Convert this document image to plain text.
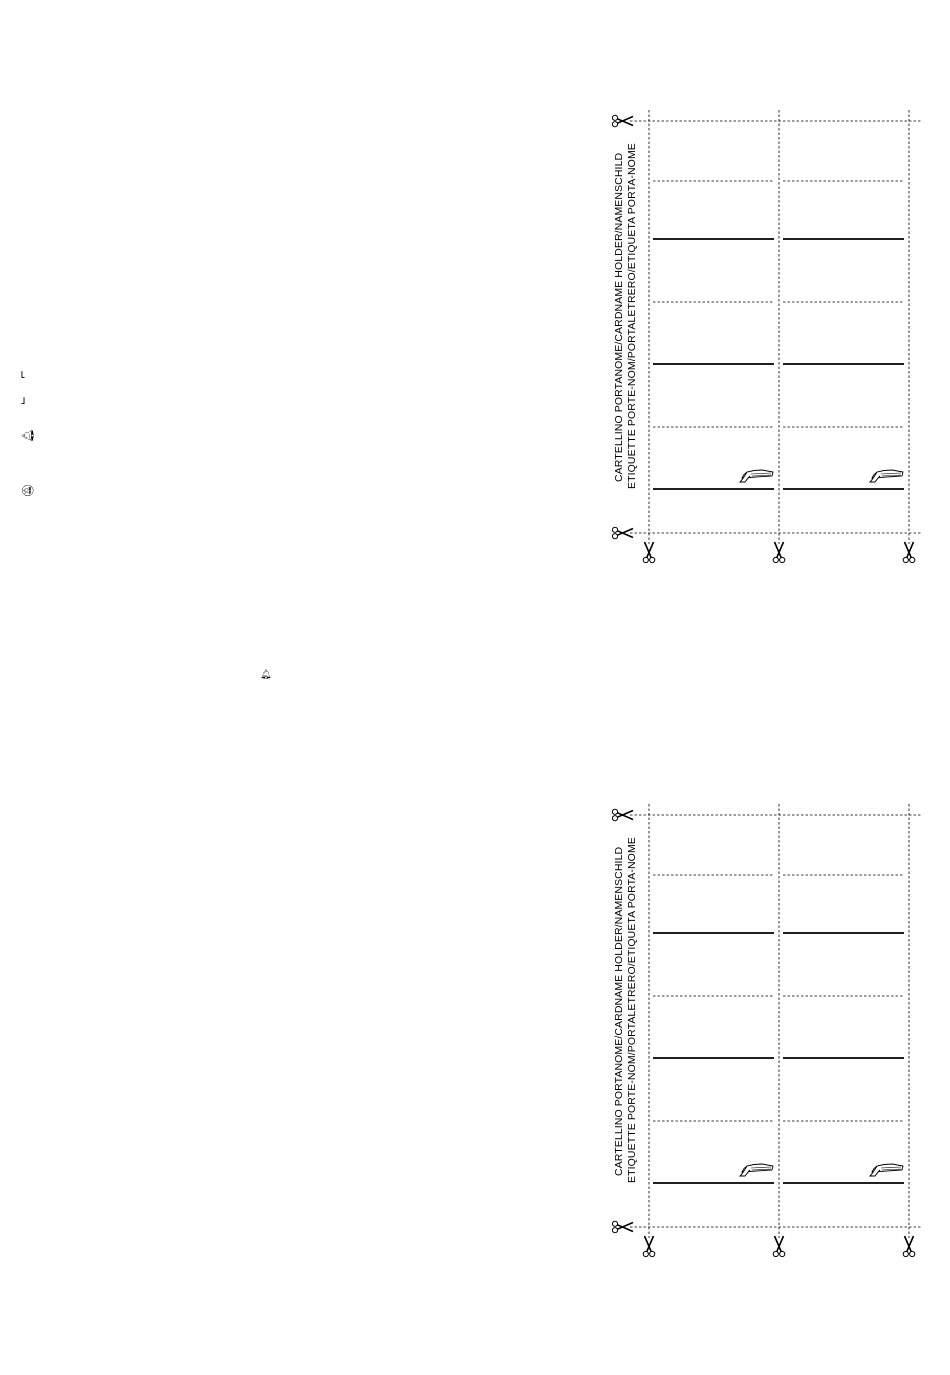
CARTELLINO PORTANOME/CARDNAME HOLDER/NAMENSCHILD ETIQUETTE PORTE-NOM/PORTALETRERO/ETIQUETA PORTA-NOME
CARTELLINO PORTANOME/CARDNAME HOLDER/NAMENSCHILD ETIQUETTE PORTE-NOM/PORTALETRERO/ETIQUETA PORTA-NOME
⌐
⌙
🔔︎
🔕︎
🔔︎
